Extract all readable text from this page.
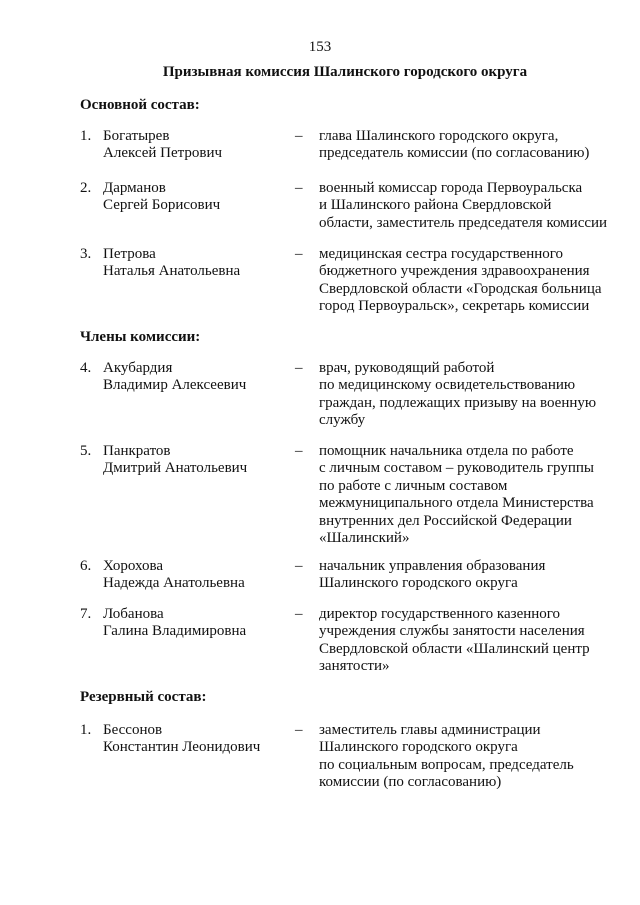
153
Призывная комиссия Шалинского городского округа
Основной состав:
1. Богатырев
Алексей Петрович
– глава Шалинского городского округа,
председатель комиссии (по согласованию)
2. Дарманов
Сергей Борисович
– военный комиссар города Первоуральска
и Шалинского района Свердловской
области, заместитель председателя комиссии
3. Петрова
Наталья Анатольевна
– медицинская сестра государственного
бюджетного учреждения здравоохранения
Свердловской области «Городская больница
город Первоуральск», секретарь комиссии
Члены комиссии:
4. Акубардия
Владимир Алексеевич
– врач, руководящий работой
по медицинскому освидетельствованию
граждан, подлежащих призыву на военную
службу
5. Панкратов
Дмитрий Анатольевич
– помощник начальника отдела по работе
с личным составом – руководитель группы
по работе с личным составом
межмуниципального отдела Министерства
внутренних дел Российской Федерации
«Шалинский»
6. Хорохова
Надежда Анатольевна
– начальник управления образования
Шалинского городского округа
7. Лобанова
Галина Владимировна
– директор государственного казенного
учреждения службы занятости населения
Свердловской области «Шалинский центр
занятости»
Резервный состав:
1. Бессонов
Константин Леонидович
– заместитель главы администрации
Шалинского городского округа
по социальным вопросам, председатель
комиссии (по согласованию)
